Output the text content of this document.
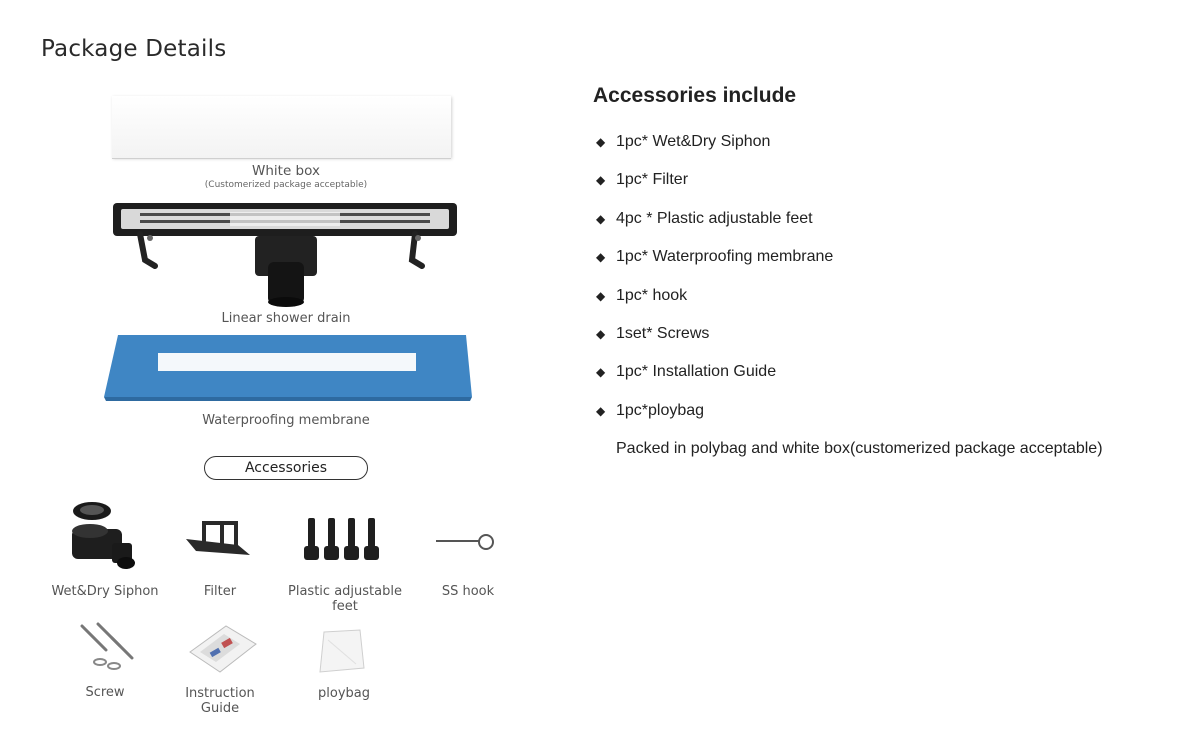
Package Details
White box
(Customerized package acceptable)
Linear shower drain
Waterproofing membrane
Accessories
Wet&Dry Siphon	Filter	Plastic adjustable
feet
SS hook
Screw	Instruction
Guide
ploybag
Accessories include
◆ 1pc* Wet&Dry Siphon
◆ 1pc* Filter
◆ 4pc * Plastic adjustable feet
◆ 1pc* Waterproofing membrane
◆ 1pc* hook
◆ 1set* Screws
◆ 1pc* Installation Guide
◆ 1pc*ploybag
Packed in polybag and white box(customerized package acceptable)
